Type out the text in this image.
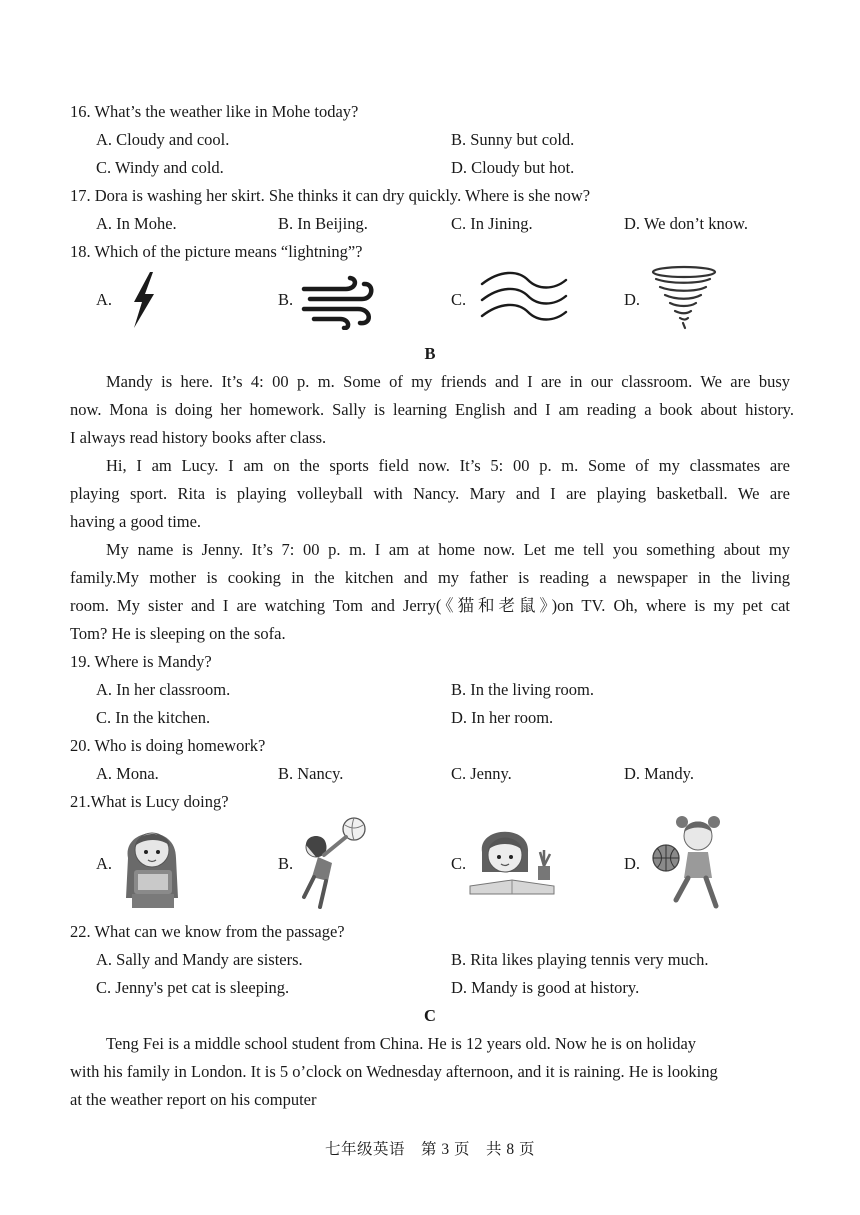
16. What’s the weather like in Mohe today?
A. Cloudy and cool.	B. Sunny but cold.
C. Windy and cold.	D. Cloudy but hot.
17. Dora is washing her skirt. She thinks it can dry quickly. Where is she now?
A. In Mohe.	B. In Beijing.	C. In Jining.	D. We don’t know.
18. Which of the picture means “lightning”?
A.	B.	C.	D.
B
Mandy is here. It’s 4: 00 p. m. Some of my friends and I are in our classroom. We are busy
now. Mona is doing her homework. Sally is learning English and I am reading a book about history.
I always read history books after class.
Hi, I am Lucy. I am on the sports field now. It’s 5: 00 p. m. Some of my classmates are
playing sport. Rita is playing volleyball with Nancy. Mary and I are playing basketball. We are
having a good time.
My name is Jenny. It’s 7: 00 p. m. I am at home now. Let me tell you something about my
family.My mother is cooking in the kitchen and my father is reading a newspaper in the living
room. My sister and I are watching Tom and Jerry(《猫和老鼠》)on TV. Oh, where is my pet cat
Tom? He is sleeping on the sofa.
19. Where is Mandy?
A. In her classroom.	B. In the living room.
C. In the kitchen.	D. In her room.
20. Who is doing homework?
A. Mona.	B. Nancy.	C. Jenny.	D. Mandy.
21.What is Lucy doing?
A.	B.	C.	D.
22. What can we know from the passage?
A. Sally and Mandy are sisters.	B. Rita likes playing tennis very much.
C. Jenny's pet cat is sleeping.	D. Mandy is good at history.
C
Teng Fei is a middle school student from China. He is 12 years old. Now he is on holiday
with his family in London. It is 5 o’clock on Wednesday afternoon, and it is raining. He is looking
at the weather report on his computer
七年级英语　第 3 页　共 8 页
